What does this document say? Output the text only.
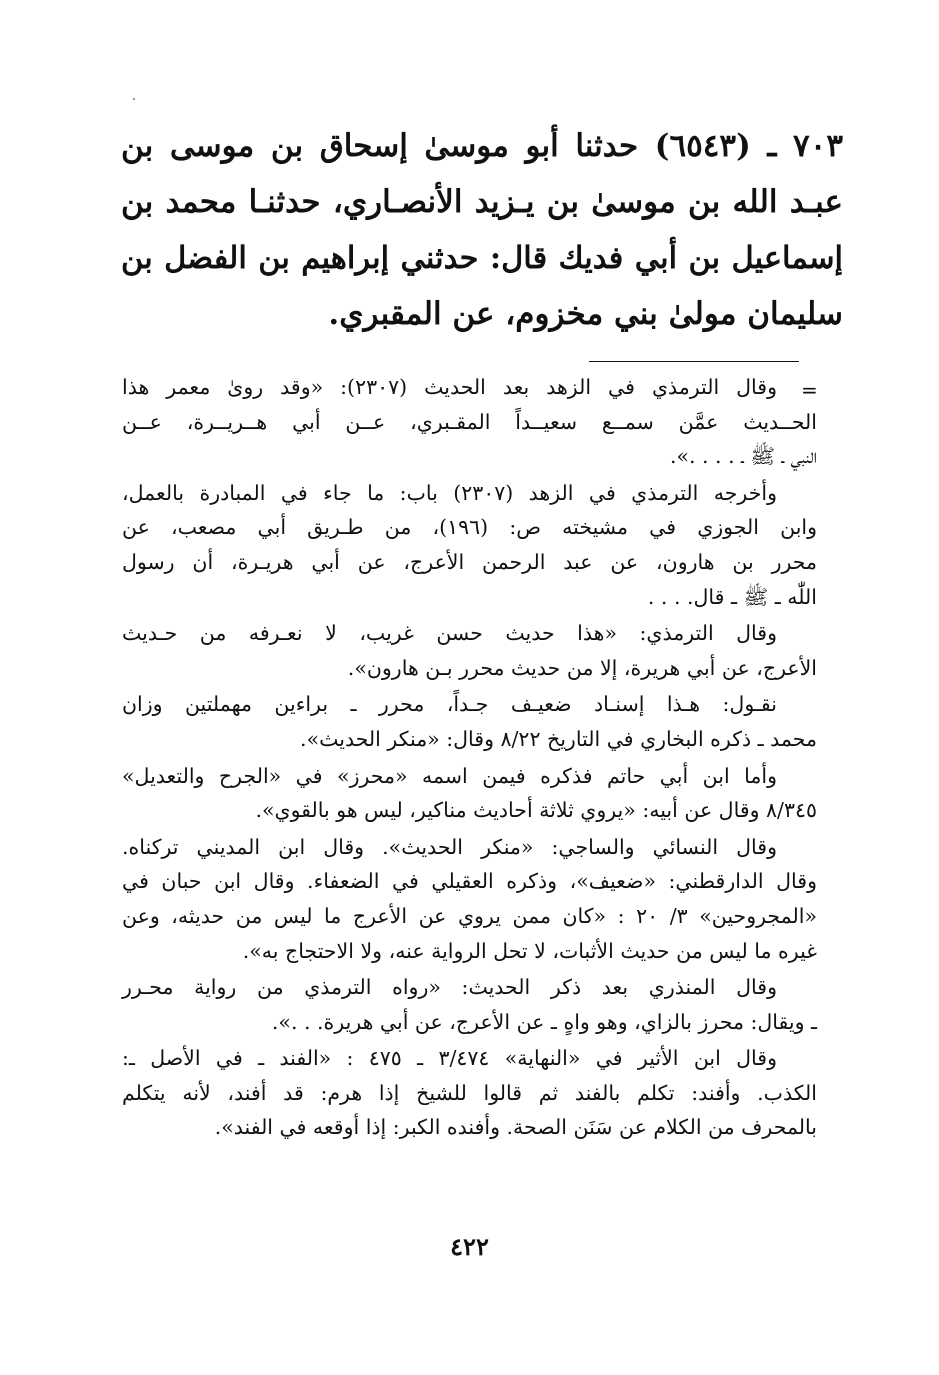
٧٠٣ ـ (٦٥٤٣) حدثنا أبو موسىٰ إسحاق بن موسى بن
عبـد الله بن موسىٰ بن يـزيد الأنصـاري، حدثنـا محمد بن
إسماعيل بن أبي فديك قال: حدثني إبراهيم بن الفضل بن
سليمان مولىٰ بني مخزوم، عن المقبري.
=
وقال الترمذي في الزهد بعد الحديث (٢٣٠٧): «وقد روىٰ معمر هذا
الحــديث عمَّن سمــع سعيــداً المقـبري، عــن أبي هــريــرة، عــن
النبي ـ ﷺ ـ . . . .».
وأخرجه الترمذي في الزهد (٢٣٠٧) باب: ما جاء في المبادرة بالعمل،
وابن الجوزي في مشيخته ص: (١٩٦)، من طـريق أبي مصعب، عن
محرر بن هارون، عن عبد الرحمن الأعرج، عن أبي هريـرة، أن رسول
اللّٰه ـ ﷺ ـ قال. . . .
وقال الترمذي: «هذا حديث حسن غريب، لا نعـرفه من حـديث
الأعرج، عن أبي هريرة، إلا من حديث محرر بـن هارون».
نقـول: هـذا إسنـاد ضعيـف جـداً، محرر ـ براءين مهملتين وزان
محمد ـ ذكره البخاري في التاريخ ٨/٢٢ وقال: «منكر الحديث».
وأما ابن أبي حاتم فذكره فيمن اسمه «محرز» في «الجرح والتعديل»
٨/٣٤٥ وقال عن أبيه: «يروي ثلاثة أحاديث مناكير، ليس هو بالقوي».
وقال النسائي والساجي: «منكر الحديث». وقال ابن المديني تركناه.
وقال الدارقطني: «ضعيف»، وذكره العقيلي في الضعفاء. وقال ابن حبان في
«المجروحين» ٣/ ٢٠ : «كان ممن يروي عن الأعرج ما ليس من حديثه، وعن
غيره ما ليس من حديث الأثبات، لا تحل الرواية عنه، ولا الاحتجاج به».
وقال المنذري بعد ذكر الحديث: «رواه الترمذي من رواية محـرر
ـ ويقال: محرز بالزاي، وهو واهٍ ـ عن الأعرج، عن أبي هريرة. . .».
وقال ابن الأثير في «النهاية» ٣/٤٧٤ ـ ٤٧٥ : «الفند ـ في الأصل ـ:
الكذب. وأفند: تكلم بالفند ثم قالوا للشيخ إذا هرم: قد أفند، لأنه يتكلم
بالمحرف من الكلام عن سَنَن الصحة. وأفنده الكبر: إذا أوقعه في الفند».
٤٢٢
